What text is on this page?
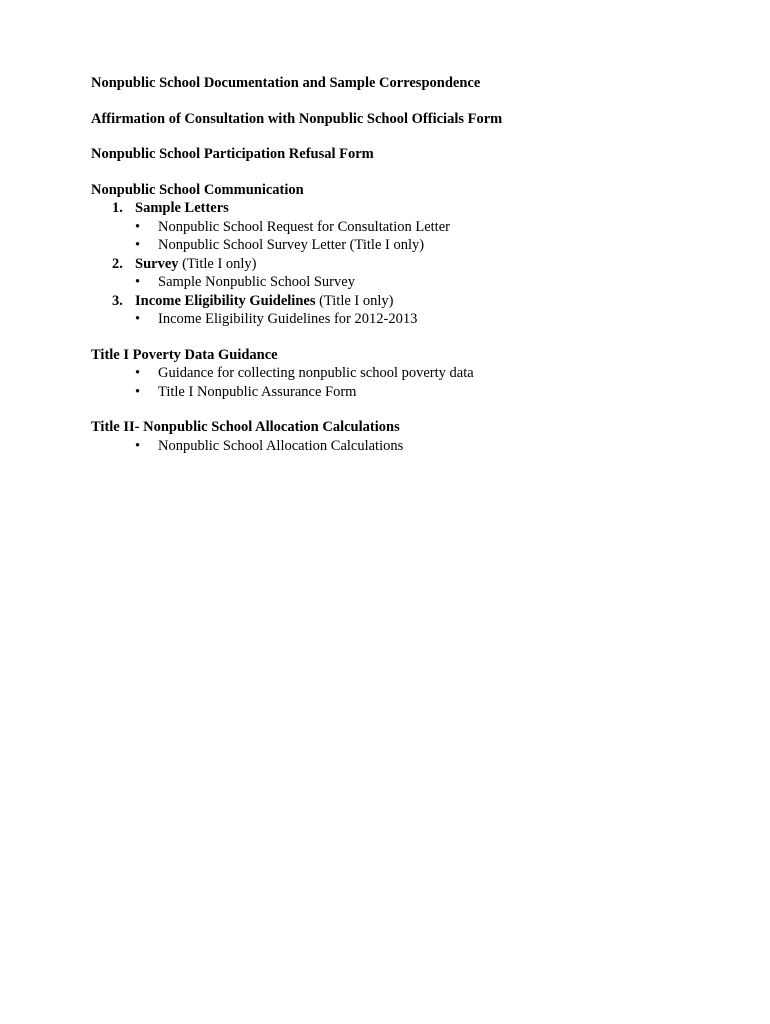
Nonpublic School Documentation and Sample Correspondence

Affirmation of Consultation with Nonpublic School Officials Form

Nonpublic School Participation Refusal Form

Nonpublic School Communication

1. Sample Letters
• Nonpublic School Request for Consultation Letter
• Nonpublic School Survey Letter (Title I only)
2. Survey (Title I only)
• Sample Nonpublic School Survey
3. Income Eligibility Guidelines (Title I only)
• Income Eligibility Guidelines for 2012-2013

Title I Poverty Data Guidance

• Guidance for collecting nonpublic school poverty data
• Title I Nonpublic Assurance Form

Title II- Nonpublic School Allocation Calculations

• Nonpublic School Allocation Calculations
